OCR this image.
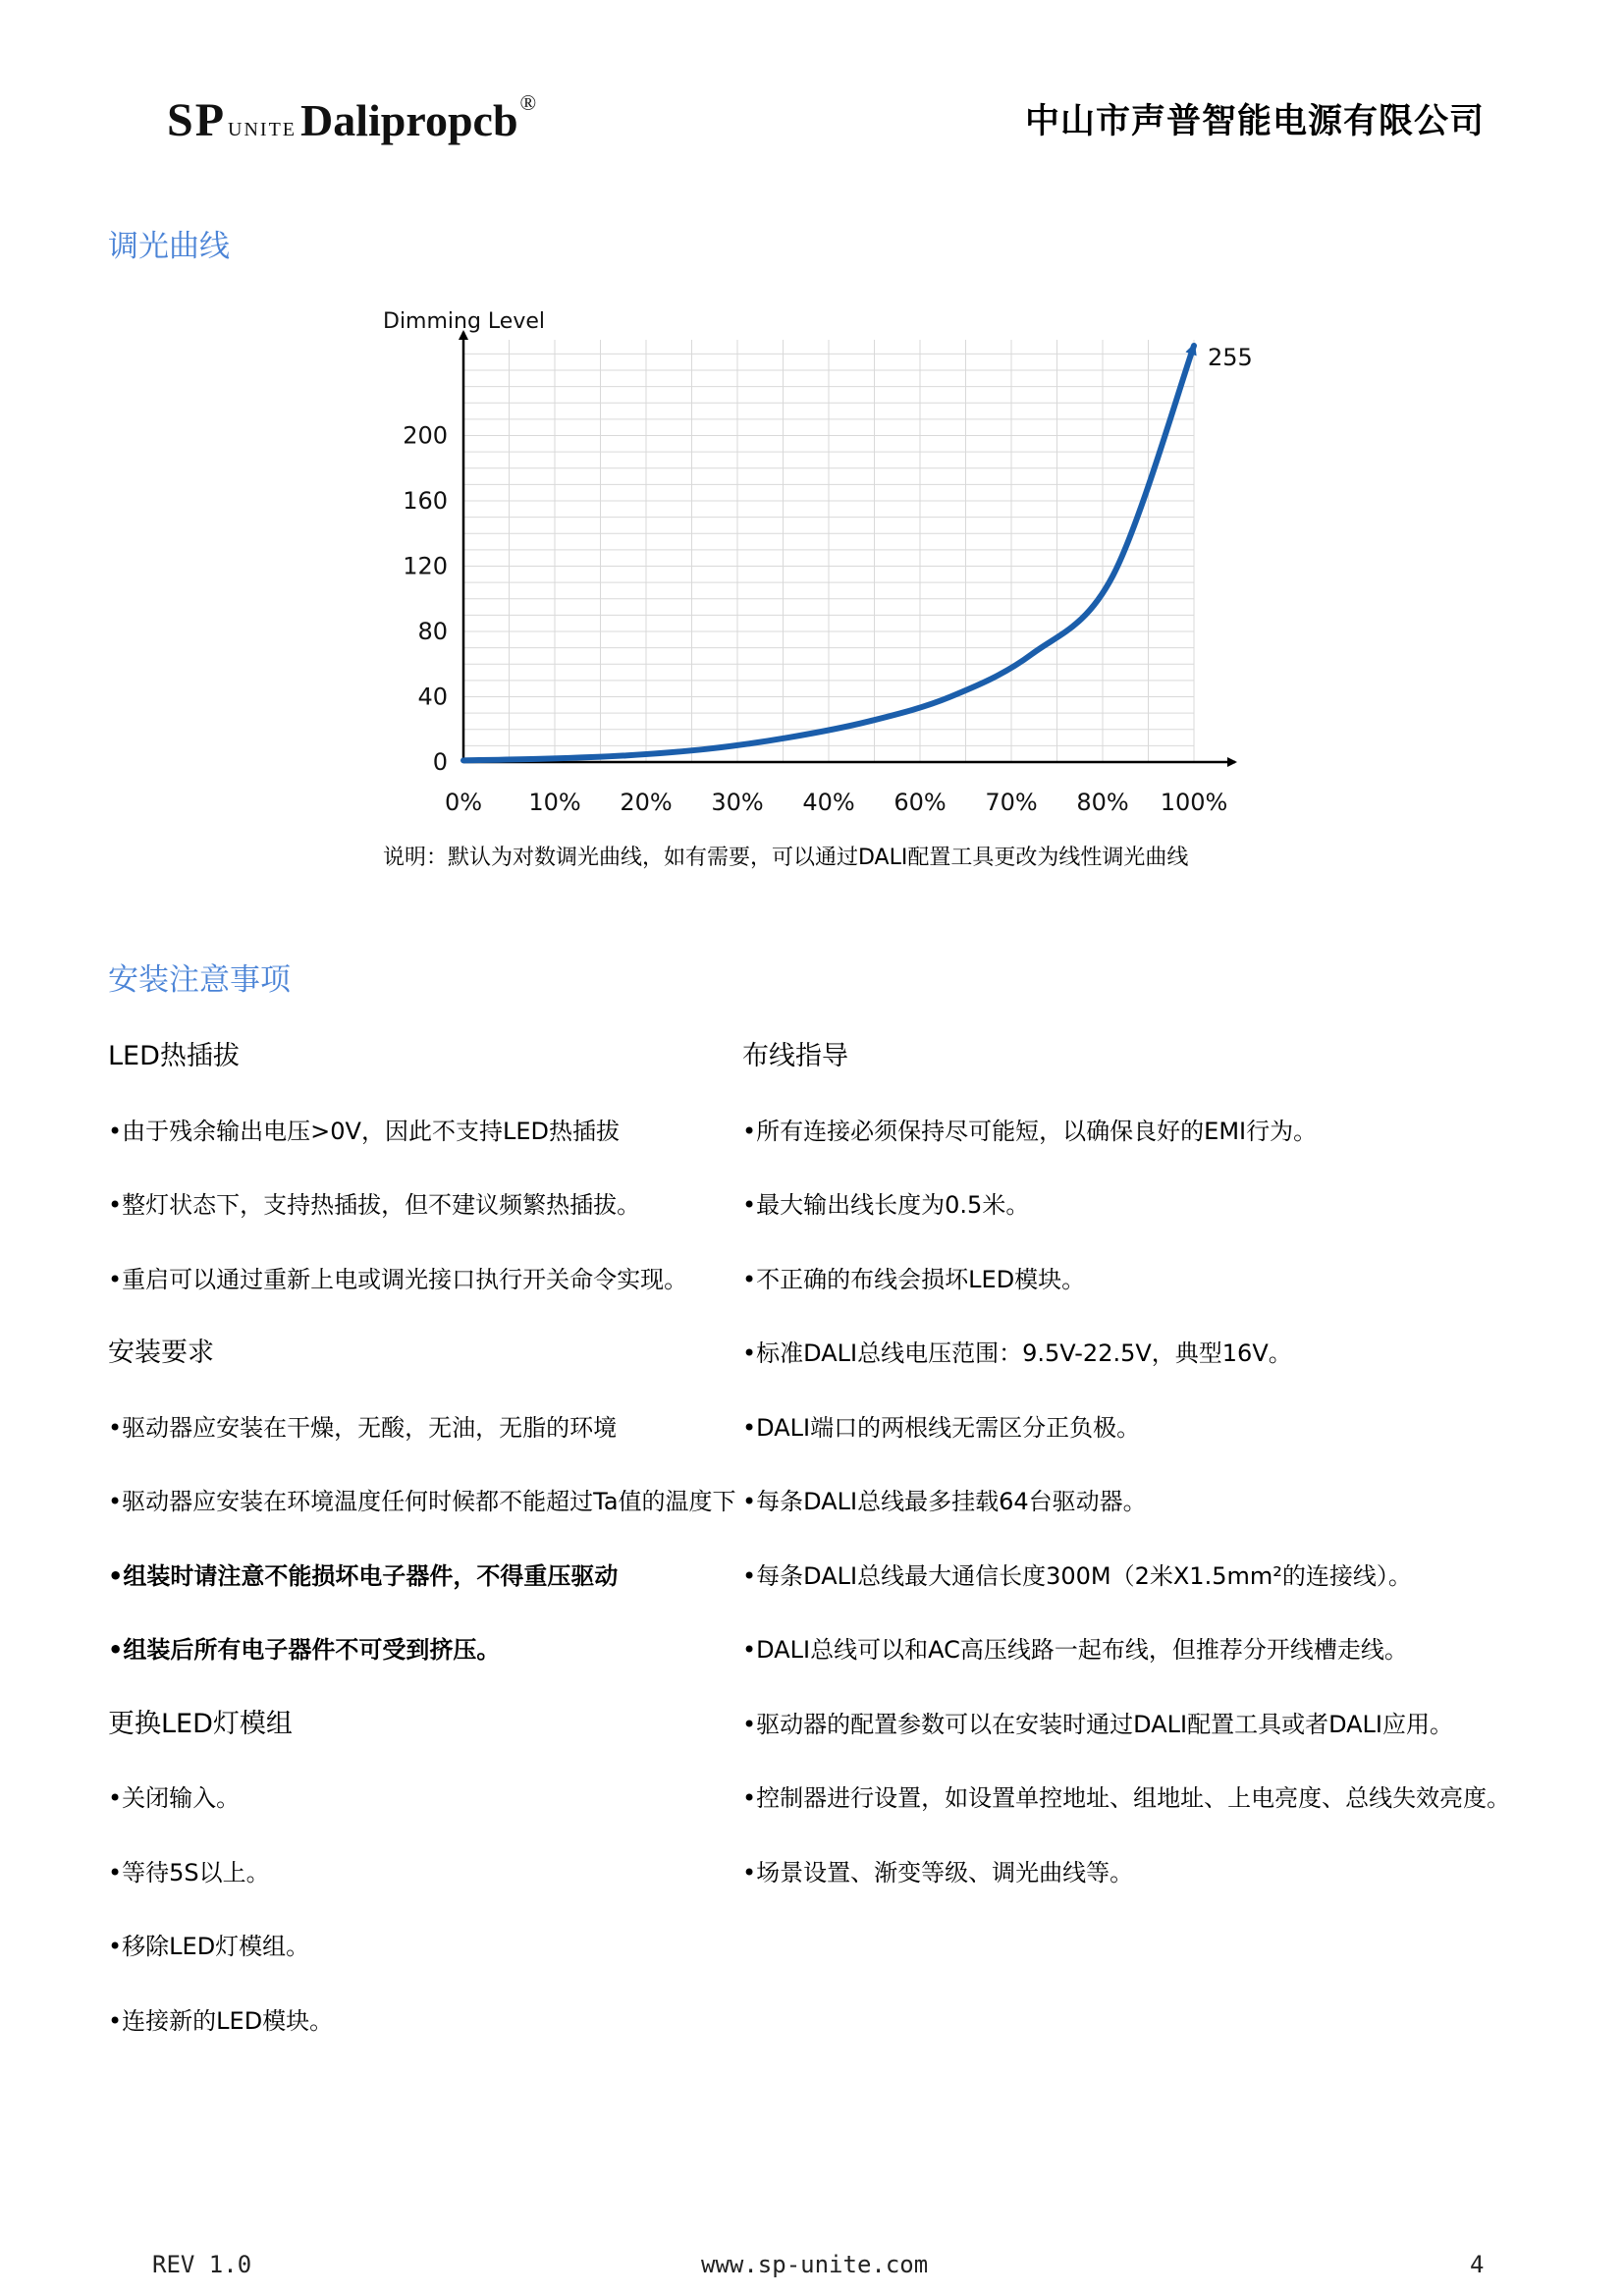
SP UNITEDalipropcb®	中山市声普智能电源有限公司
调光曲线
Dimming Level
0
40
80
120
160
200
0% 10% 20% 30% 40% 60% 70% 80% 100%
255
说明：默认为对数调光曲线，如有需要，可以通过DALI配置工具更改为线性调光曲线
安装注意事项
LED热插拔
•由于残余输出电压>0V，因此不支持LED热插拔
•整灯状态下，支持热插拔，但不建议频繁热插拔。
•重启可以通过重新上电或调光接口执行开关命令实现。
安装要求
•驱动器应安装在干燥，无酸，无油，无脂的环境
•驱动器应安装在环境温度任何时候都不能超过Ta值的温度下
•组装时请注意不能损坏电子器件，不得重压驱动
•组装后所有电子器件不可受到挤压。
更换LED灯模组
•关闭输入。
•等待5S以上。
•移除LED灯模组。
•连接新的LED模块。
布线指导
•所有连接必须保持尽可能短，以确保良好的EMI行为。
•最大输出线长度为0.5米。
•不正确的布线会损坏LED模块。
•标准DALI总线电压范围：9.5V-22.5V，典型16V。
•DALI端口的两根线无需区分正负极。
•每条DALI总线最多挂载64台驱动器。
•每条DALI总线最大通信长度300M（2米X1.5mm²的连接线）。
•DALI总线可以和AC高压线路一起布线，但推荐分开线槽走线。
•驱动器的配置参数可以在安装时通过DALI配置工具或者DALI应用。
•控制器进行设置，如设置单控地址、组地址、上电亮度、总线失效亮度。
•场景设置、渐变等级、调光曲线等。
REV 1.0	www.sp-unite.com	4
